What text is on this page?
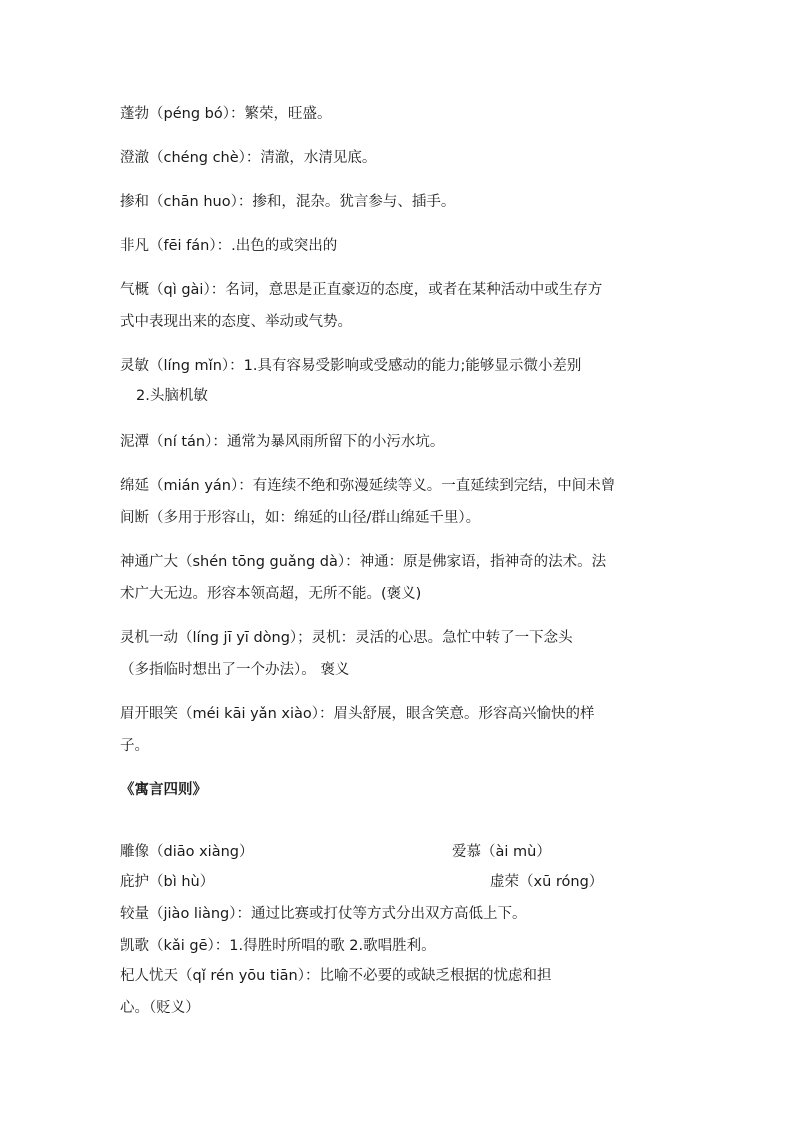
蓬勃（péng bó）：繁荣，旺盛。
澄澈（chéng chè）：清澈，水清见底。
掺和（chān huo）：掺和，混杂。犹言参与、插手。
非凡（fēi fán）：.出色的或突出的
气概（qì gài）：名词，意思是正直豪迈的态度，或者在某种活动中或生存方
式中表现出来的态度、举动或气势。
灵敏（líng mǐn）：1.具有容易受影响或受感动的能力;能够显示微小差别
2.头脑机敏
泥潭（ní tán）：通常为暴风雨所留下的小污水坑。
绵延（mián yán）：有连续不绝和弥漫延续等义。一直延续到完结，中间未曾
间断（多用于形容山，如：绵延的山径/群山绵延千里）。
神通广大（shén tōng guǎng dà）：神通：原是佛家语，指神奇的法术。法
术广大无边。形容本领高超，无所不能。(褒义)
灵机一动（líng jī yī dòng）；灵机：灵活的心思。急忙中转了一下念头
（多指临时想出了一个办法）。 褒义
眉开眼笑（méi kāi yǎn xiào）：眉头舒展，眼含笑意。形容高兴愉快的样
子。
《寓言四则》
雕像（diāo xiàng）	爱慕（ài mù）
庇护（bì hù）	虚荣（xū róng）
较量（jiào liàng）：通过比赛或打仗等方式分出双方高低上下。
凯歌（kǎi gē）：1.得胜时所唱的歌 2.歌唱胜利。
杞人忧天（qǐ rén yōu tiān）：比喻不必要的或缺乏根据的忧虑和担
心。（贬义）
